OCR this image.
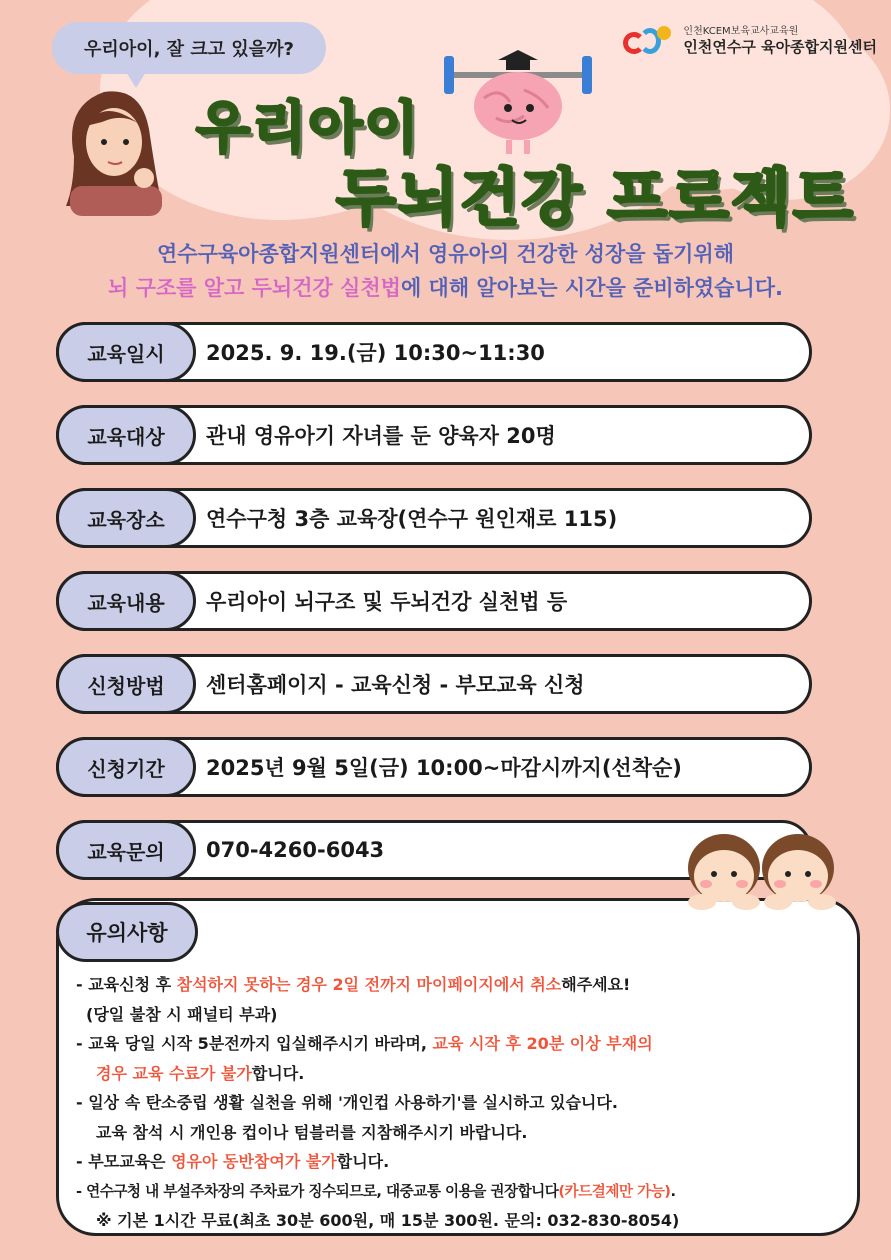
우리아이, 잘 크고 있을까?
인천KCEM보육교사교육원
인천연수구 육아종합지원센터
우리아이
두뇌건강 프로젝트
연수구육아종합지원센터에서 영유아의 건강한 성장을 돕기위해
뇌 구조를 알고 두뇌건강 실천법에 대해 알아보는 시간을 준비하였습니다.
교육일시	2025. 9. 19.(금) 10:30~11:30
교육대상	관내 영유아기 자녀를 둔 양육자 20명
교육장소	연수구청 3층 교육장(연수구 원인재로 115)
교육내용	우리아이 뇌구조 및 두뇌건강 실천법 등
신청방법	센터홈페이지 - 교육신청 - 부모교육 신청
신청기간	2025년 9월 5일(금) 10:00~마감시까지(선착순)
교육문의	070-4260-6043
유의사항
- 교육신청 후 참석하지 못하는 경우 2일 전까지 마이페이지에서 취소해주세요!
(당일 불참 시 패널티 부과)
- 교육 당일 시작 5분전까지 입실해주시기 바라며, 교육 시작 후 20분 이상 부재의
경우 교육 수료가 불가합니다.
- 일상 속 탄소중립 생활 실천을 위해 '개인컵 사용하기'를 실시하고 있습니다.
교육 참석 시 개인용 컵이나 텀블러를 지참해주시기 바랍니다.
- 부모교육은 영유아 동반참여가 불가합니다.
- 연수구청 내 부설주차장의 주차료가 징수되므로, 대중교통 이용을 권장합니다(카드결제만 가능).
※ 기본 1시간 무료(최초 30분 600원, 매 15분 300원. 문의: 032-830-8054)
